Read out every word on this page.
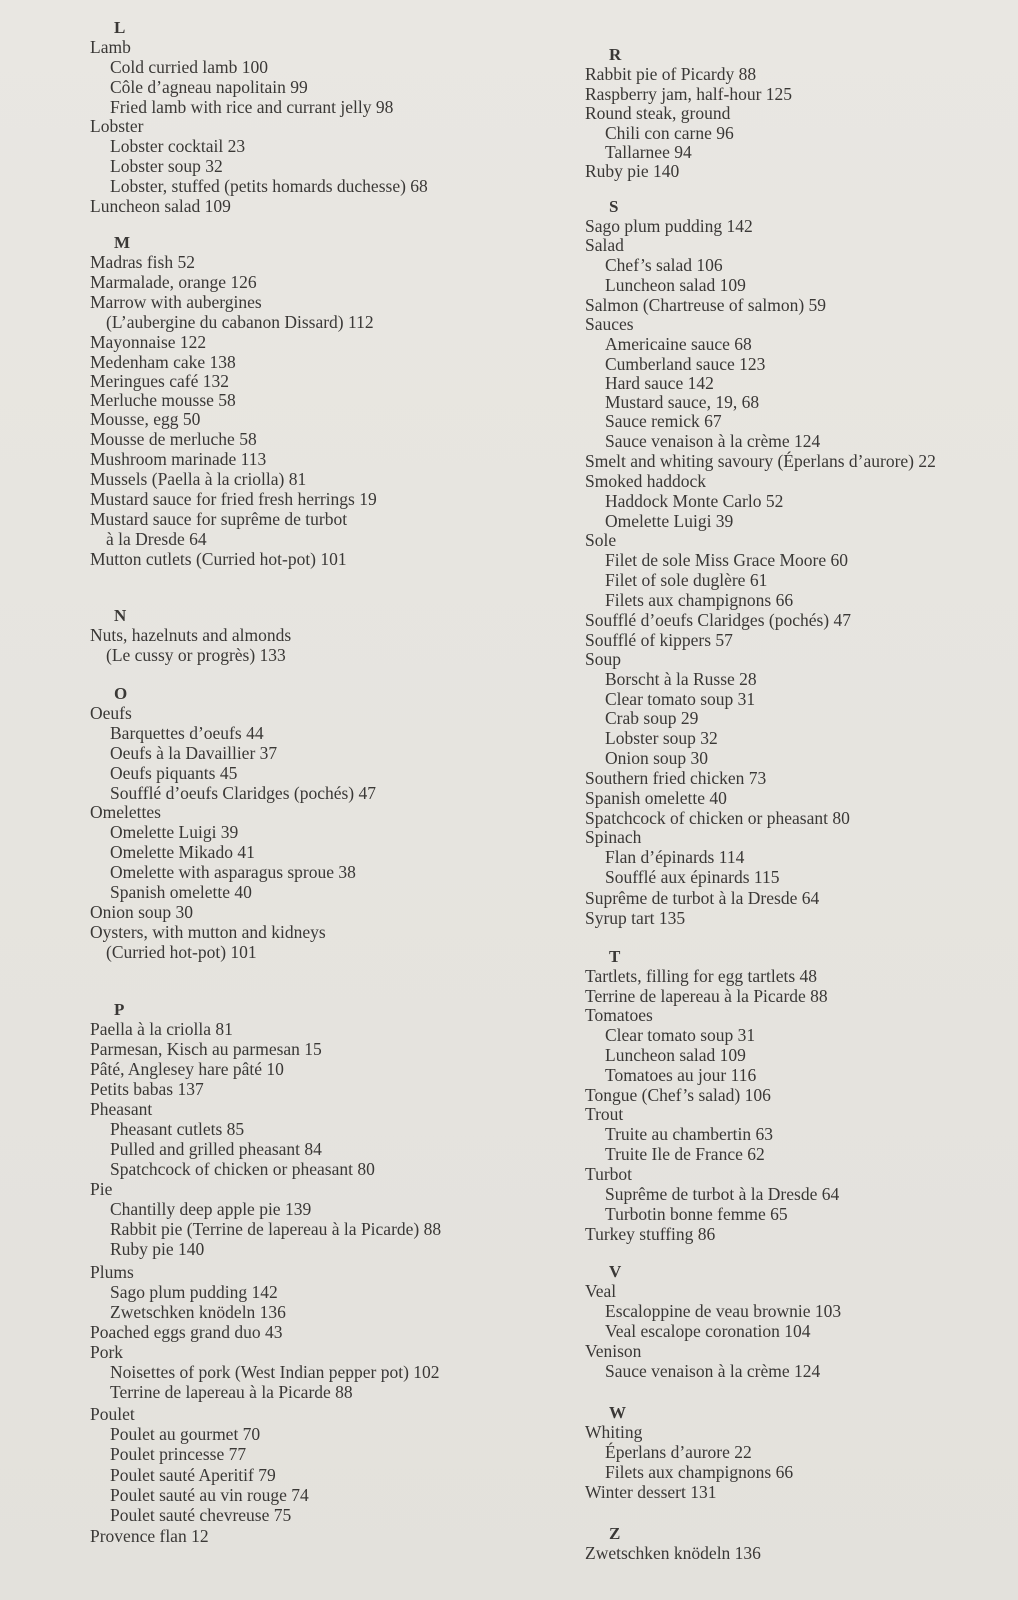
L
Lamb
Cold curried lamb 100
Côle d’agneau napolitain 99
Fried lamb with rice and currant jelly 98
Lobster
Lobster cocktail 23
Lobster soup 32
Lobster, stuffed (petits homards duchesse) 68
Luncheon salad 109
M
Madras fish 52
Marmalade, orange 126
Marrow with aubergines
(L’aubergine du cabanon Dissard) 112
Mayonnaise 122
Medenham cake 138
Meringues café 132
Merluche mousse 58
Mousse, egg 50
Mousse de merluche 58
Mushroom marinade 113
Mussels (Paella à la criolla) 81
Mustard sauce for fried fresh herrings 19
Mustard sauce for suprême de turbot
à la Dresde 64
Mutton cutlets (Curried hot-pot) 101
N
Nuts, hazelnuts and almonds
(Le cussy or progrès) 133
O
Oeufs
Barquettes d’oeufs 44
Oeufs à la Davaillier 37
Oeufs piquants 45
Soufflé d’oeufs Claridges (pochés) 47
Omelettes
Omelette Luigi 39
Omelette Mikado 41
Omelette with asparagus sproue 38
Spanish omelette 40
Onion soup 30
Oysters, with mutton and kidneys
(Curried hot-pot) 101
P
Paella à la criolla 81
Parmesan, Kisch au parmesan 15
Pâté, Anglesey hare pâté 10
Petits babas 137
Pheasant
Pheasant cutlets 85
Pulled and grilled pheasant 84
Spatchcock of chicken or pheasant 80
Pie
Chantilly deep apple pie 139
Rabbit pie (Terrine de lapereau à la Picarde) 88
Ruby pie 140
Plums
Sago plum pudding 142
Zwetschken knödeln 136
Poached eggs grand duo 43
Pork
Noisettes of pork (West Indian pepper pot) 102
Terrine de lapereau à la Picarde 88
Poulet
Poulet au gourmet 70
Poulet princesse 77
Poulet sauté Aperitif 79
Poulet sauté au vin rouge 74
Poulet sauté chevreuse 75
Provence flan 12
R
Rabbit pie of Picardy 88
Raspberry jam, half-hour 125
Round steak, ground
Chili con carne 96
Tallarnee 94
Ruby pie 140
S
Sago plum pudding 142
Salad
Chef’s salad 106
Luncheon salad 109
Salmon (Chartreuse of salmon) 59
Sauces
Americaine sauce 68
Cumberland sauce 123
Hard sauce 142
Mustard sauce, 19, 68
Sauce remick 67
Sauce venaison à la crème 124
Smelt and whiting savoury (Éperlans d’aurore) 22
Smoked haddock
Haddock Monte Carlo 52
Omelette Luigi 39
Sole
Filet de sole Miss Grace Moore 60
Filet of sole duglère 61
Filets aux champignons 66
Soufflé d’oeufs Claridges (pochés) 47
Soufflé of kippers 57
Soup
Borscht à la Russe 28
Clear tomato soup 31
Crab soup 29
Lobster soup 32
Onion soup 30
Southern fried chicken 73
Spanish omelette 40
Spatchcock of chicken or pheasant 80
Spinach
Flan d’épinards 114
Soufflé aux épinards 115
Suprême de turbot à la Dresde 64
Syrup tart 135
T
Tartlets, filling for egg tartlets 48
Terrine de lapereau à la Picarde 88
Tomatoes
Clear tomato soup 31
Luncheon salad 109
Tomatoes au jour 116
Tongue (Chef’s salad) 106
Trout
Truite au chambertin 63
Truite Ile de France 62
Turbot
Suprême de turbot à la Dresde 64
Turbotin bonne femme 65
Turkey stuffing 86
V
Veal
Escaloppine de veau brownie 103
Veal escalope coronation 104
Venison
Sauce venaison à la crème 124
W
Whiting
Éperlans d’aurore 22
Filets aux champignons 66
Winter dessert 131
Z
Zwetschken knödeln 136
